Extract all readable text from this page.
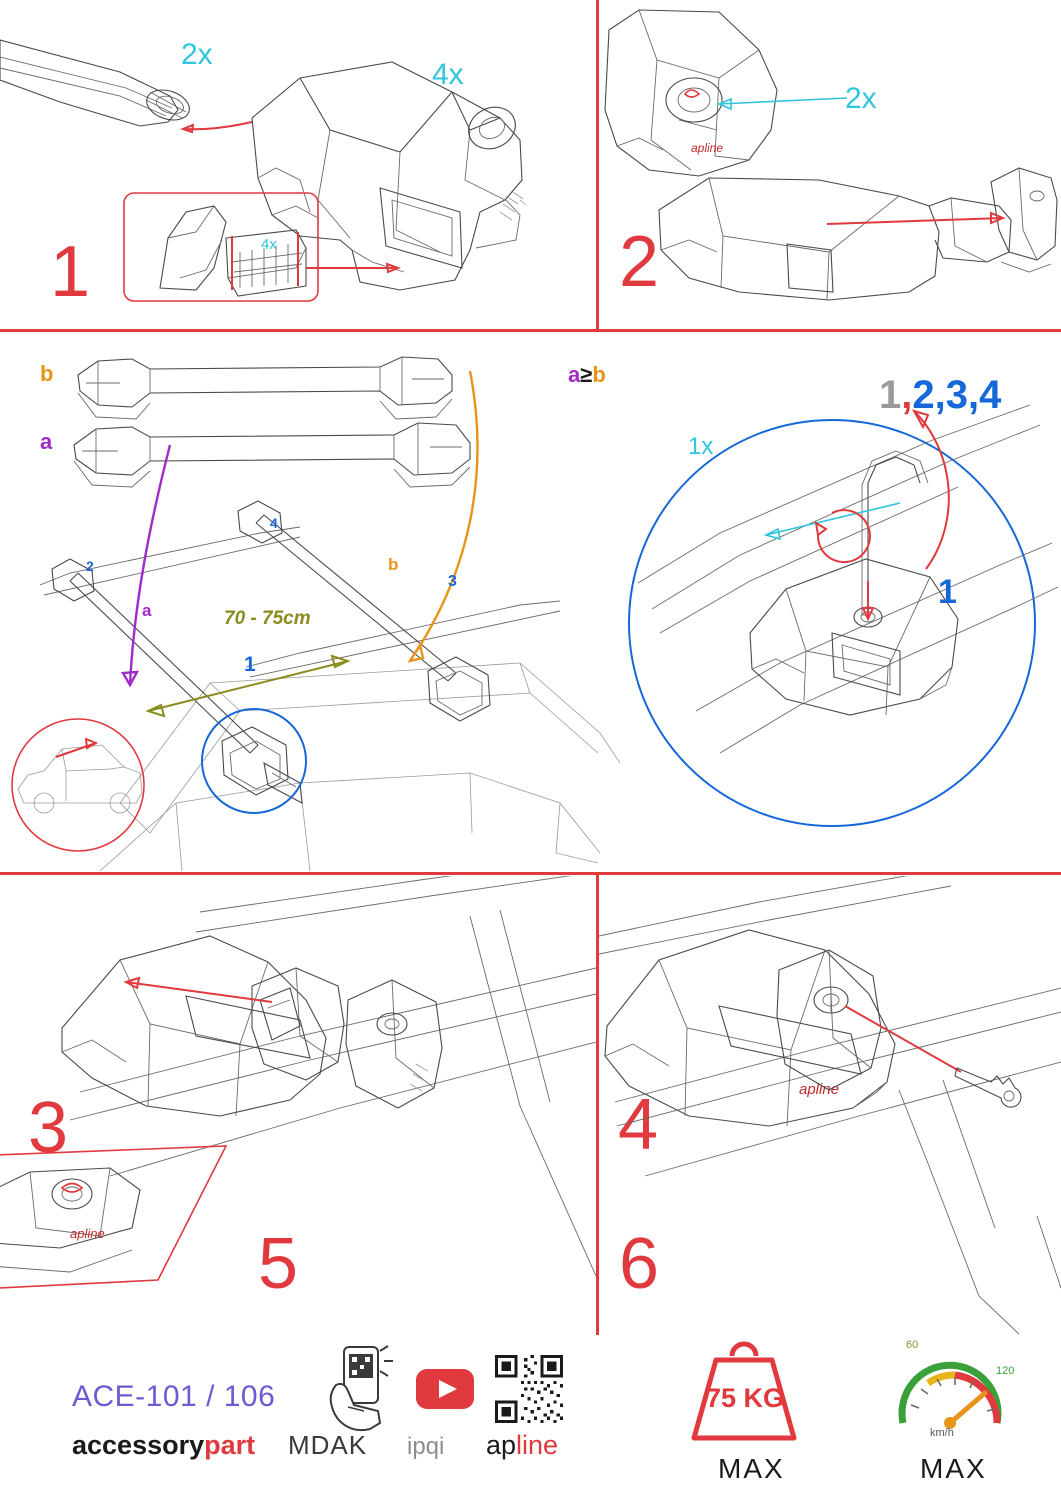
2x
4x
4x
1
apline
2x
2
b
a
a
b
70 - 75cm
1
2
3
4
3
a≥b
1x
1
1,2,3,4
4
apline 5
apline
6
ACE-101 / 106
accessorypart MDAK ipqi apline
75 KG
MAX
60
120
km/h
MAX
